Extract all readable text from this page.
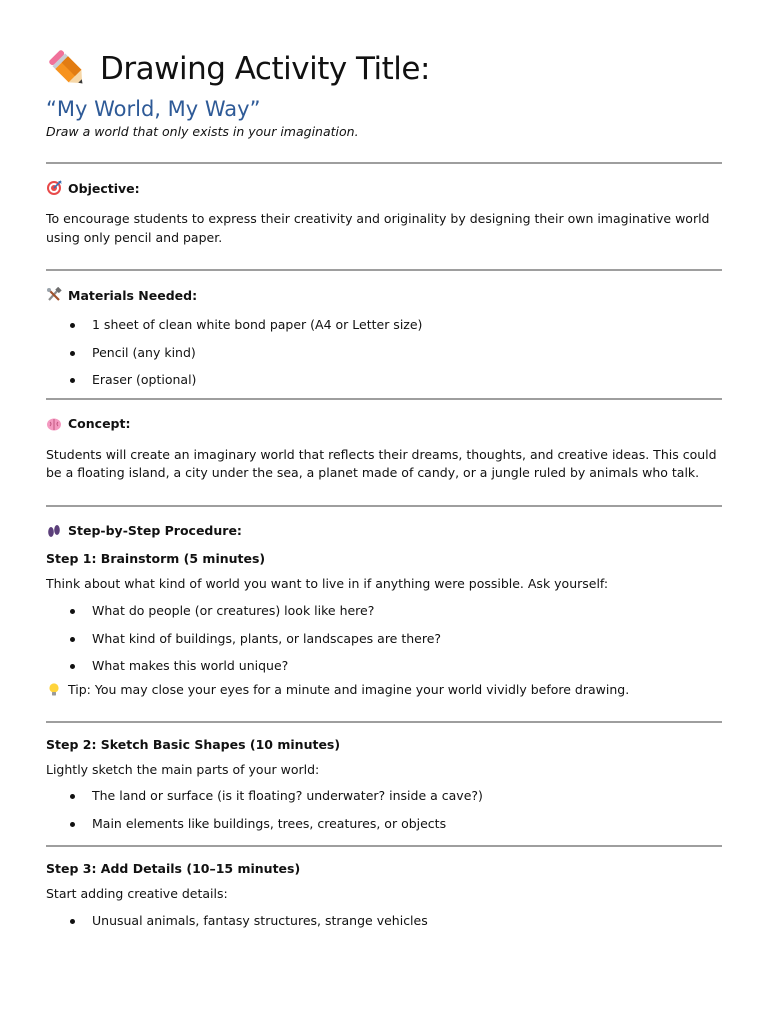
Drawing Activity Title:
“My World, My Way”
Draw a world that only exists in your imagination.
Objective:
To encourage students to express their creativity and originality by designing their own imaginative world using only pencil and paper.
Materials Needed:
1 sheet of clean white bond paper (A4 or Letter size)
Pencil (any kind)
Eraser (optional)
Concept:
Students will create an imaginary world that reflects their dreams, thoughts, and creative ideas. This could be a floating island, a city under the sea, a planet made of candy, or a jungle ruled by animals who talk.
Step-by-Step Procedure:
Step 1: Brainstorm (5 minutes)
Think about what kind of world you want to live in if anything were possible. Ask yourself:
What do people (or creatures) look like here?
What kind of buildings, plants, or landscapes are there?
What makes this world unique?
Tip: You may close your eyes for a minute and imagine your world vividly before drawing.
Step 2: Sketch Basic Shapes (10 minutes)
Lightly sketch the main parts of your world:
The land or surface (is it floating? underwater? inside a cave?)
Main elements like buildings, trees, creatures, or objects
Step 3: Add Details (10–15 minutes)
Start adding creative details:
Unusual animals, fantasy structures, strange vehicles
